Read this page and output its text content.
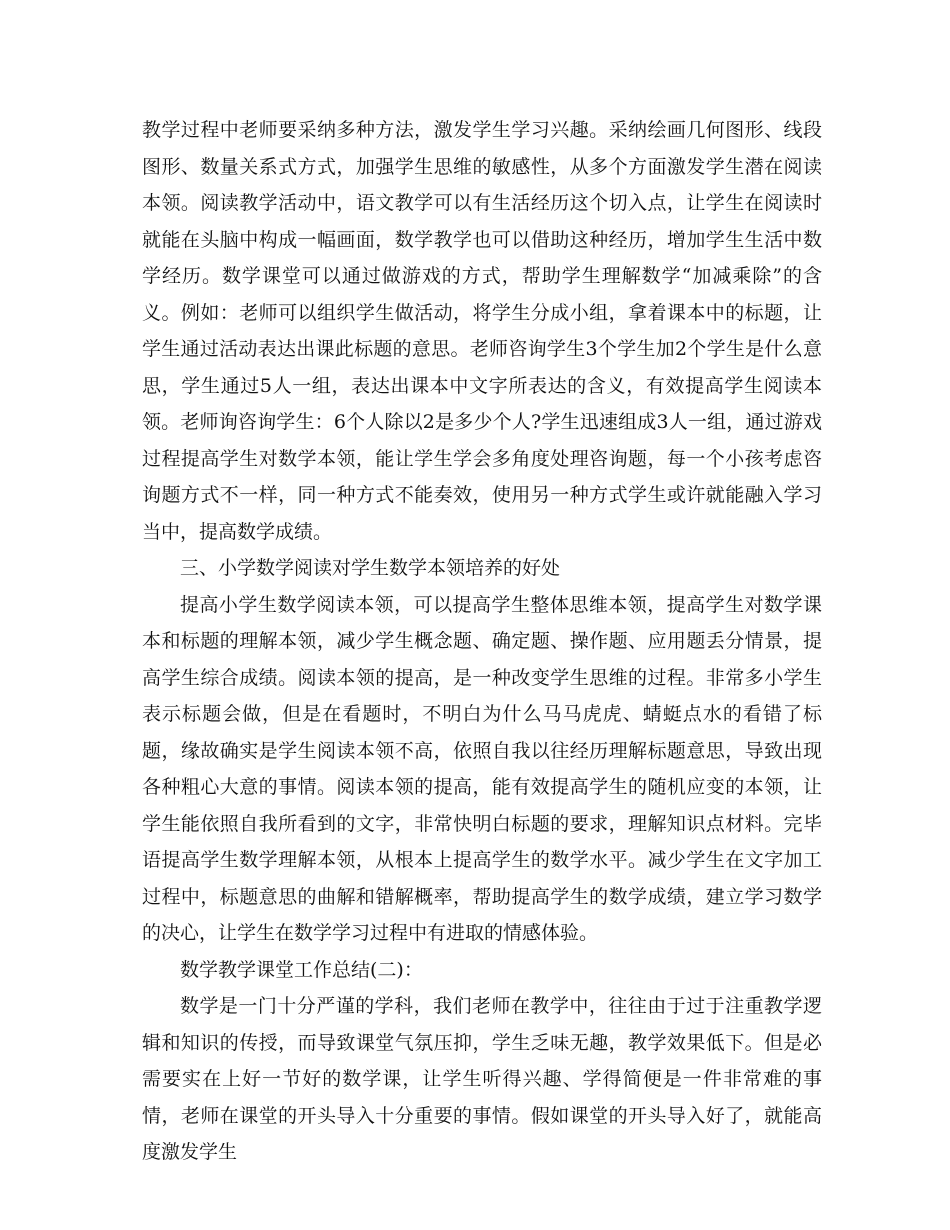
教学过程中老师要采纳多种方法，激发学生学习兴趣。采纳绘画几何图形、线段图形、数量关系式方式，加强学生思维的敏感性，从多个方面激发学生潜在阅读本领。阅读教学活动中，语文教学可以有生活经历这个切入点，让学生在阅读时就能在头脑中构成一幅画面，数学教学也可以借助这种经历，增加学生生活中数学经历。数学课堂可以通过做游戏的方式，帮助学生理解数学“加减乘除”的含义。例如：老师可以组织学生做活动，将学生分成小组，拿着课本中的标题，让学生通过活动表达出课此标题的意思。老师咨询学生3个学生加2个学生是什么意思，学生通过5人一组，表达出课本中文字所表达的含义，有效提高学生阅读本领。老师询咨询学生：6个人除以2是多少个人?学生迅速组成3人一组，通过游戏过程提高学生对数学本领，能让学生学会多角度处理咨询题，每一个小孩考虑咨询题方式不一样，同一种方式不能奏效，使用另一种方式学生或许就能融入学习当中，提高数学成绩。

三、小学数学阅读对学生数学本领培养的好处

提高小学生数学阅读本领，可以提高学生整体思维本领，提高学生对数学课本和标题的理解本领，减少学生概念题、确定题、操作题、应用题丢分情景，提高学生综合成绩。阅读本领的提高，是一种改变学生思维的过程。非常多小学生表示标题会做，但是在看题时，不明白为什么马马虎虎、蜻蜓点水的看错了标题，缘故确实是学生阅读本领不高，依照自我以往经历理解标题意思，导致出现各种粗心大意的事情。阅读本领的提高，能有效提高学生的随机应变的本领，让学生能依照自我所看到的文字，非常快明白标题的要求，理解知识点材料。完毕语提高学生数学理解本领，从根本上提高学生的数学水平。减少学生在文字加工过程中，标题意思的曲解和错解概率，帮助提高学生的数学成绩，建立学习数学的决心，让学生在数学学习过程中有进取的情感体验。

数学教学课堂工作总结(二)：

数学是一门十分严谨的学科，我们老师在教学中，往往由于过于注重教学逻辑和知识的传授，而导致课堂气氛压抑，学生乏味无趣，教学效果低下。但是必需要实在上好一节好的数学课，让学生听得兴趣、学得简便是一件非常难的事情，老师在课堂的开头导入十分重要的事情。假如课堂的开头导入好了，就能高度激发学生
